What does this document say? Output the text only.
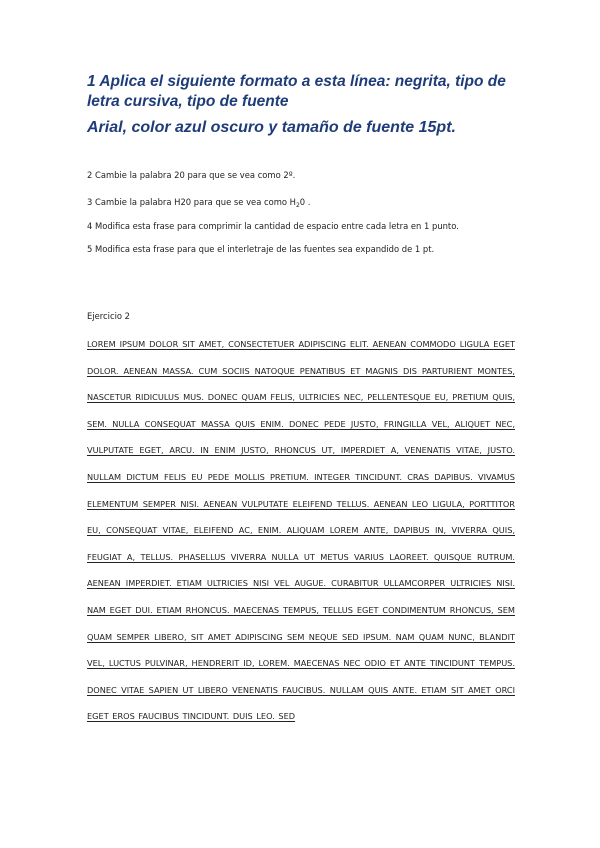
1 Aplica el siguiente formato a esta línea: negrita, tipo de letra cursiva, tipo de fuente

Arial, color azul oscuro y tamaño de fuente 15pt.

2 Cambie la palabra 20 para que se vea como 2º.
3 Cambie la palabra H20 para que se vea como $H_20$ .
4 Modifica esta frase para comprimir la cantidad de espacio entre cada letra en 1 punto.
5 Modifica esta frase para que el interletraje de las fuentes sea expandido de 1 pt.
Ejercicio 2

LOREM IPSUM DOLOR SIT AMET, CONSECTETUER ADIPISCING ELIT. AENEAN COMMODO LIGULA EGET DOLOR. AENEAN MASSA. CUM SOCIIS NATOQUE PENATIBUS ET MAGNIS DIS PARTURIENT MONTES, NASCETUR RIDICULUS MUS. DONEC QUAM FELIS, ULTRICIES NEC, PELLENTESQUE EU, PRETIUM QUIS, SEM. NULLA CONSEQUAT MASSA QUIS ENIM. DONEC PEDE JUSTO, FRINGILLA VEL, ALIQUET NEC, VULPUTATE EGET, ARCU. IN ENIM JUSTO, RHONCUS UT, IMPERDIET A, VENENATIS VITAE, JUSTO. NULLAM DICTUM FELIS EU PEDE MOLLIS PRETIUM. INTEGER TINCIDUNT. CRAS DAPIBUS. VIVAMUS ELEMENTUM SEMPER NISI. AENEAN VULPUTATE ELEIFEND TELLUS. AENEAN LEO LIGULA, PORTTITOR EU, CONSEQUAT VITAE, ELEIFEND AC, ENIM. ALIQUAM LOREM ANTE, DAPIBUS IN, VIVERRA QUIS, FEUGIAT A, TELLUS. PHASELLUS VIVERRA NULLA UT METUS VARIUS LAOREET. QUISQUE RUTRUM. AENEAN IMPERDIET. ETIAM ULTRICIES NISI VEL AUGUE. CURABITUR ULLAMCORPER ULTRICIES NISI. NAM EGET DUI. ETIAM RHONCUS. MAECENAS TEMPUS, TELLUS EGET CONDIMENTUM RHONCUS, SEM QUAM SEMPER LIBERO, SIT AMET ADIPISCING SEM NEQUE SED IPSUM. NAM QUAM NUNC, BLANDIT VEL, LUCTUS PULVINAR, HENDRERIT ID, LOREM. MAECENAS NEC ODIO ET ANTE TINCIDUNT TEMPUS. DONEC VITAE SAPIEN UT LIBERO VENENATIS FAUCIBUS. NULLAM QUIS ANTE. ETIAM SIT AMET ORCI EGET EROS FAUCIBUS TINCIDUNT. DUIS LEO. SED
